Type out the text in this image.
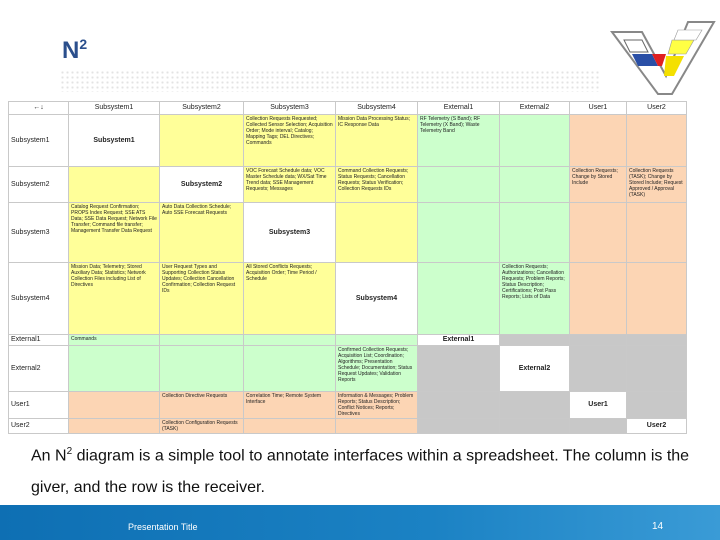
$N^2$
←↓	Subsystem1	Subsystem2	Subsystem3	Subsystem4	External1	External2	User1	User2
Subsystem1	Subsystem1		Collection Requests Requested; Collected Sensor Selection; Acquisition Order; Mode interval; Catalog; Mapping Tags; DEL Directives; Commands	Mission Data Processing Status; IC Response Data	RF Telemetry (S Band); RF Telemetry (X Band); Waste Telemetry Band			
Subsystem2		Subsystem2	VOC Forecast Schedule data; VOC Master Schedule data; WX/Sat Time Trend data; SSE Management Requests; Messages	Command Collection Requests; Status Requests; Cancellation Requests; Status Verification; Collection Requests IDs			Collection Requests; Change by Stored Include	Collection Requests (TASK); Change by Stored Include; Request Approved / Approval (TASK)
Subsystem3	Catalog Request Confirmation; PROPS Index Request; SSE ATS Data; SSE Data Request; Network File Transfer; Command file transfer; Management Transfer Data Request	Auto Data Collection Schedule; Auto SSE Forecast Requests	Subsystem3					
Subsystem4	Mission Data; Telemetry; Stored Auxiliary Data; Statistics; Network Collection Files including List of Directives	User Request Types and Supporting Collection Status Updates; Collection Cancellation Confirmation; Collection Request IDs	All Stored Conflicts Requests; Acquisition Order; Time Period / Schedule	Subsystem4		Collection Requests; Authorizations; Cancellation Requests; Problem Reports; Status Description; Certifications; Post Pass Reports; Lists of Data		
External1	Commands				External1			
External2				Confirmed Collection Requests; Acquisition List; Coordination; Algorithms; Presentation Schedule; Documentation; Status Request Updates; Validation Reports		External2		
User1		Collection Directive Requests	Correlation Time; Remote System Interface	Information & Messages; Problem Reports; Status Description; Conflict Notices; Reports; Directives			User1	
User2		Collection Configuration Requests (TASK)						User2
An $N^2$ diagram is a simple tool to annotate interfaces within a spreadsheet. The column is the giver, and the row is the receiver.
Presentation Title	14
